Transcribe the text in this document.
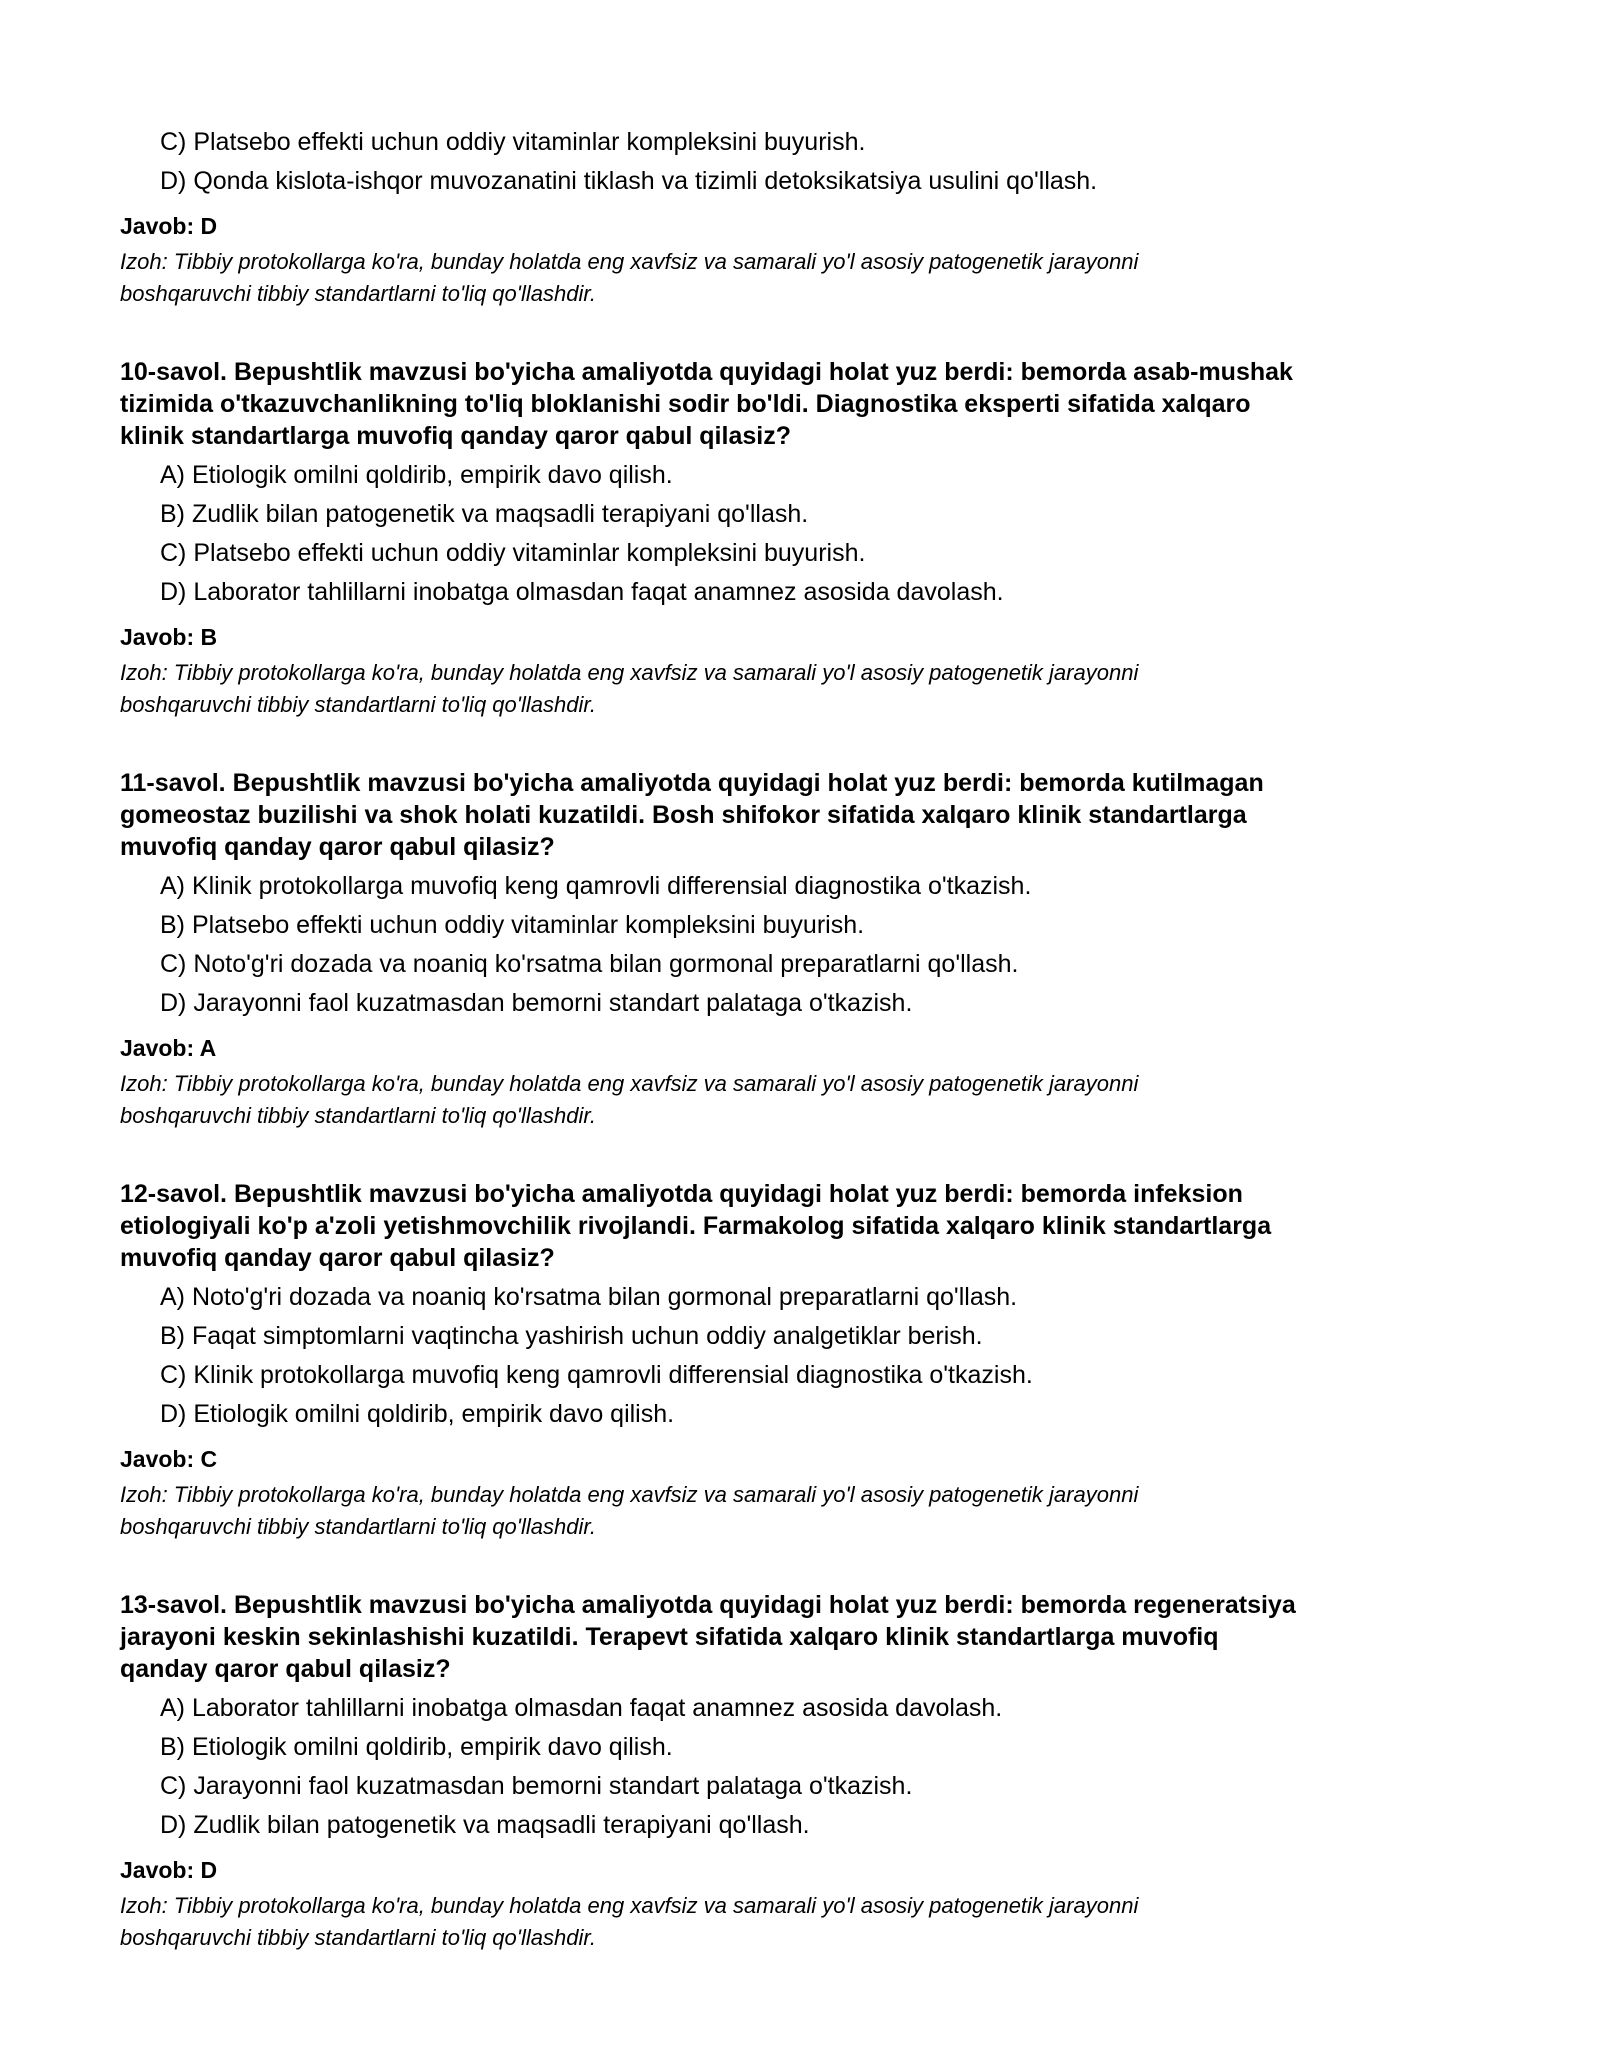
C) Platsebo effekti uchun oddiy vitaminlar kompleksini buyurish.
D) Qonda kislota-ishqor muvozanatini tiklash va tizimli detoksikatsiya usulini qo'llash.
Javob: D
Izoh: Tibbiy protokollarga ko'ra, bunday holatda eng xavfsiz va samarali yo'l asosiy patogenetik jarayonni
boshqaruvchi tibbiy standartlarni to'liq qo'llashdir.
10-savol. Bepushtlik mavzusi bo'yicha amaliyotda quyidagi holat yuz berdi: bemorda asab-mushak
tizimida o'tkazuvchanlikning to'liq bloklanishi sodir bo'ldi. Diagnostika eksperti sifatida xalqaro
klinik standartlarga muvofiq qanday qaror qabul qilasiz?
A) Etiologik omilni qoldirib, empirik davo qilish.
B) Zudlik bilan patogenetik va maqsadli terapiyani qo'llash.
C) Platsebo effekti uchun oddiy vitaminlar kompleksini buyurish.
D) Laborator tahlillarni inobatga olmasdan faqat anamnez asosida davolash.
Javob: B
Izoh: Tibbiy protokollarga ko'ra, bunday holatda eng xavfsiz va samarali yo'l asosiy patogenetik jarayonni
boshqaruvchi tibbiy standartlarni to'liq qo'llashdir.
11-savol. Bepushtlik mavzusi bo'yicha amaliyotda quyidagi holat yuz berdi: bemorda kutilmagan
gomeostaz buzilishi va shok holati kuzatildi. Bosh shifokor sifatida xalqaro klinik standartlarga
muvofiq qanday qaror qabul qilasiz?
A) Klinik protokollarga muvofiq keng qamrovli differensial diagnostika o'tkazish.
B) Platsebo effekti uchun oddiy vitaminlar kompleksini buyurish.
C) Noto'g'ri dozada va noaniq ko'rsatma bilan gormonal preparatlarni qo'llash.
D) Jarayonni faol kuzatmasdan bemorni standart palataga o'tkazish.
Javob: A
Izoh: Tibbiy protokollarga ko'ra, bunday holatda eng xavfsiz va samarali yo'l asosiy patogenetik jarayonni
boshqaruvchi tibbiy standartlarni to'liq qo'llashdir.
12-savol. Bepushtlik mavzusi bo'yicha amaliyotda quyidagi holat yuz berdi: bemorda infeksion
etiologiyali ko'p a'zoli yetishmovchilik rivojlandi. Farmakolog sifatida xalqaro klinik standartlarga
muvofiq qanday qaror qabul qilasiz?
A) Noto'g'ri dozada va noaniq ko'rsatma bilan gormonal preparatlarni qo'llash.
B) Faqat simptomlarni vaqtincha yashirish uchun oddiy analgetiklar berish.
C) Klinik protokollarga muvofiq keng qamrovli differensial diagnostika o'tkazish.
D) Etiologik omilni qoldirib, empirik davo qilish.
Javob: C
Izoh: Tibbiy protokollarga ko'ra, bunday holatda eng xavfsiz va samarali yo'l asosiy patogenetik jarayonni
boshqaruvchi tibbiy standartlarni to'liq qo'llashdir.
13-savol. Bepushtlik mavzusi bo'yicha amaliyotda quyidagi holat yuz berdi: bemorda regeneratsiya
jarayoni keskin sekinlashishi kuzatildi. Terapevt sifatida xalqaro klinik standartlarga muvofiq
qanday qaror qabul qilasiz?
A) Laborator tahlillarni inobatga olmasdan faqat anamnez asosida davolash.
B) Etiologik omilni qoldirib, empirik davo qilish.
C) Jarayonni faol kuzatmasdan bemorni standart palataga o'tkazish.
D) Zudlik bilan patogenetik va maqsadli terapiyani qo'llash.
Javob: D
Izoh: Tibbiy protokollarga ko'ra, bunday holatda eng xavfsiz va samarali yo'l asosiy patogenetik jarayonni
boshqaruvchi tibbiy standartlarni to'liq qo'llashdir.
